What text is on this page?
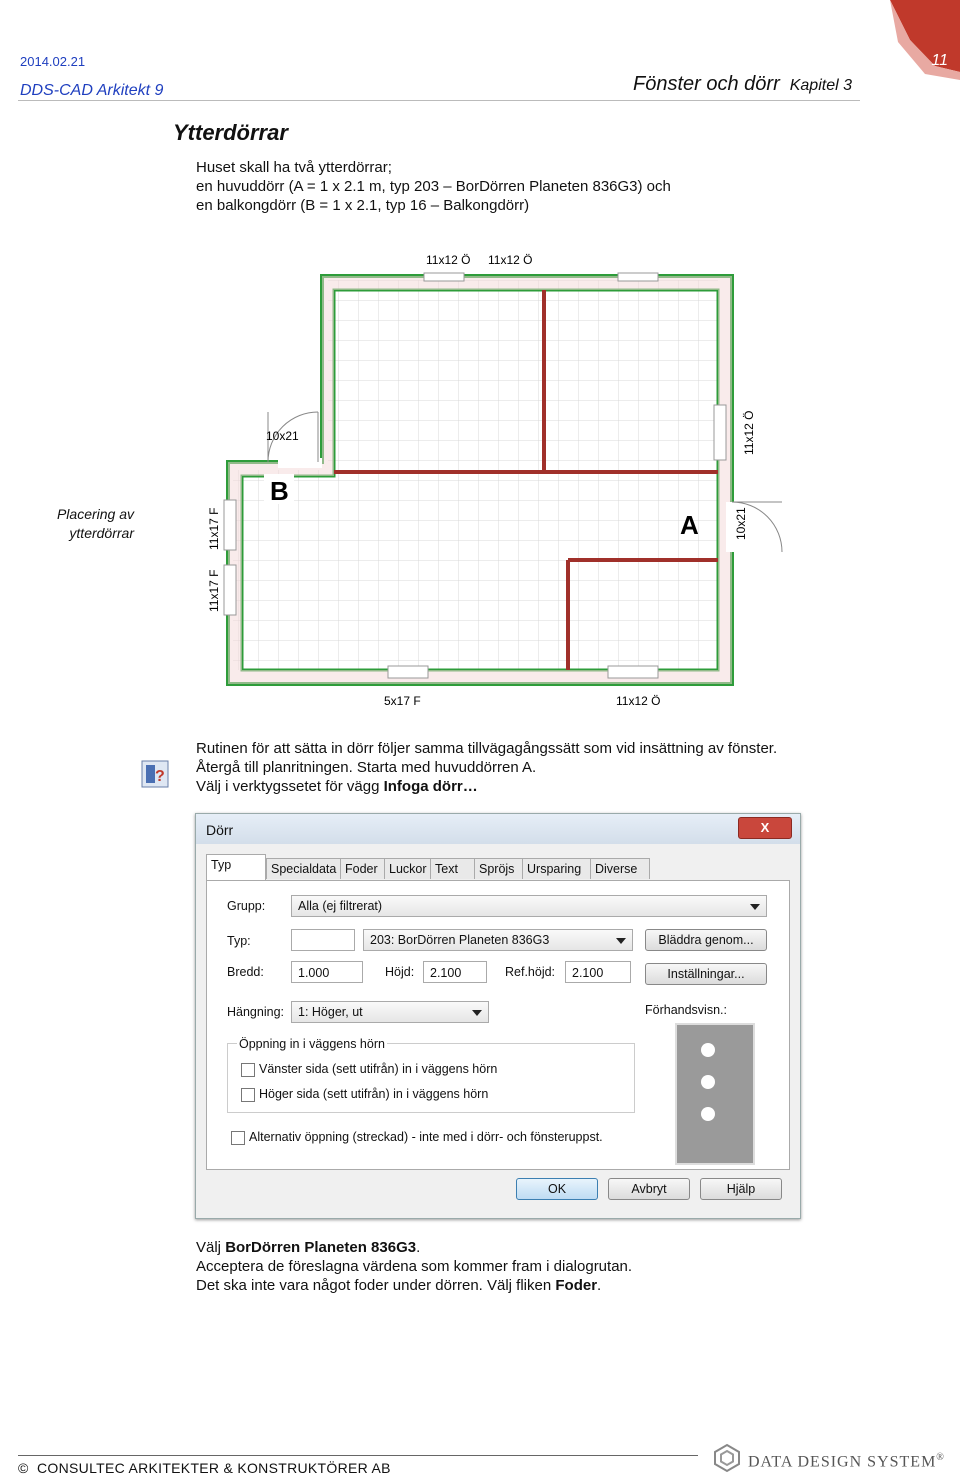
2014.02.21
DDS-CAD Arkitekt 9	Fönster och dörr Kapitel 3
11
Ytterdörrar
Huset skall ha två ytterdörrar;
en huvuddörr (A = 1 x 2.1 m, typ 203 – BorDörren Planeten 836G3) och
en balkongdörr (B = 1 x 2.1, typ 16 – Balkongdörr)
Placering av
ytterdörrar
11x12 Ö 11x12 Ö
10x21	11x12 Ö
10x21
11x17 F
11x17 F
5x17 F	11x12 Ö
B
A
?
Rutinen för att sätta in dörr följer samma tillvägagångssätt som vid insättning av fönster.
Återgå till planritningen. Starta med huvuddörren A.
Välj i verktygssetet för vägg Infoga dörr…
Dörr	X
Typ	Specialdata Foder Luckor Text	Spröjs	Ursparing	Diverse
Grupp:	Alla (ej filtrerat)
Typ:	203: BorDörren Planeten 836G3	Bläddra genom...
Bredd:	1.000	Höjd:	2.100	Ref.höjd:	2.100	Inställningar...
Hängning:	1: Höger, ut	Förhandsvisn.:
Öppning in i väggens hörn
Vänster sida (sett utifrån) in i väggens hörn
Höger sida (sett utifrån) in i väggens hörn
Alternativ öppning (streckad) - inte med i dörr- och fönsteruppst.
OK	Avbryt	Hjälp
Välj BorDörren Planeten 836G3.
Acceptera de föreslagna värdena som kommer fram i dialogrutan.
Det ska inte vara något foder under dörren. Välj fliken Foder.
© CONSULTEC ARKITEKTER & KONSTRUKTÖRER AB	DATA DESIGN SYSTEM®
